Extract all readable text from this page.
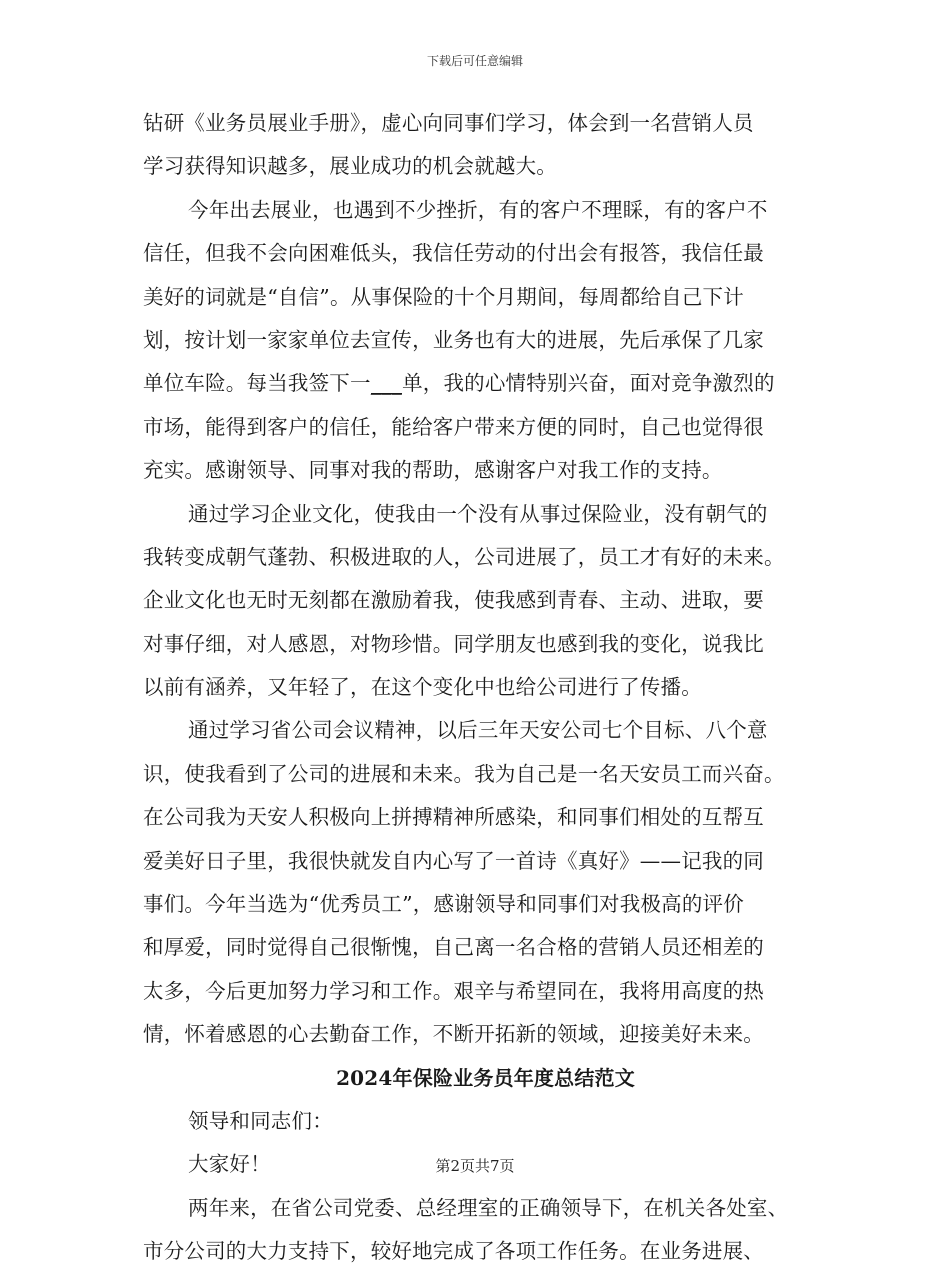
下载后可任意编辑
钻研《业务员展业手册》，虚心向同事们学习，体会到一名营销人员
学习获得知识越多，展业成功的机会就越大。
今年出去展业，也遇到不少挫折，有的客户不理睬，有的客户不
信任，但我不会向困难低头，我信任劳动的付出会有报答，我信任最
美好的词就是“自信”。从事保险的十个月期间，每周都给自己下计
划，按计划一家家单位去宣传，业务也有大的进展，先后承保了几家
单位车险。每当我签下一___单，我的心情特别兴奋，面对竞争激烈的
市场，能得到客户的信任，能给客户带来方便的同时，自己也觉得很
充实。感谢领导、同事对我的帮助，感谢客户对我工作的支持。
通过学习企业文化，使我由一个没有从事过保险业，没有朝气的
我转变成朝气蓬勃、积极进取的人，公司进展了，员工才有好的未来。
企业文化也无时无刻都在激励着我，使我感到青春、主动、进取，要
对事仔细，对人感恩，对物珍惜。同学朋友也感到我的变化，说我比
以前有涵养，又年轻了，在这个变化中也给公司进行了传播。
通过学习省公司会议精神，以后三年天安公司七个目标、八个意
识，使我看到了公司的进展和未来。我为自己是一名天安员工而兴奋。
在公司我为天安人积极向上拼搏精神所感染，和同事们相处的互帮互
爱美好日子里，我很快就发自内心写了一首诗《真好》——记我的同
事们。今年当选为“优秀员工”，感谢领导和同事们对我极高的评价
和厚爱，同时觉得自己很惭愧，自己离一名合格的营销人员还相差的
太多，今后更加努力学习和工作。艰辛与希望同在，我将用高度的热
情，怀着感恩的心去勤奋工作，不断开拓新的领域，迎接美好未来。
2024年保险业务员年度总结范文
领导和同志们：
大家好！
两年来，在省公司党委、总经理室的正确领导下，在机关各处室、
市分公司的大力支持下，较好地完成了各项工作任务。在业务进展、
第2页共7页
